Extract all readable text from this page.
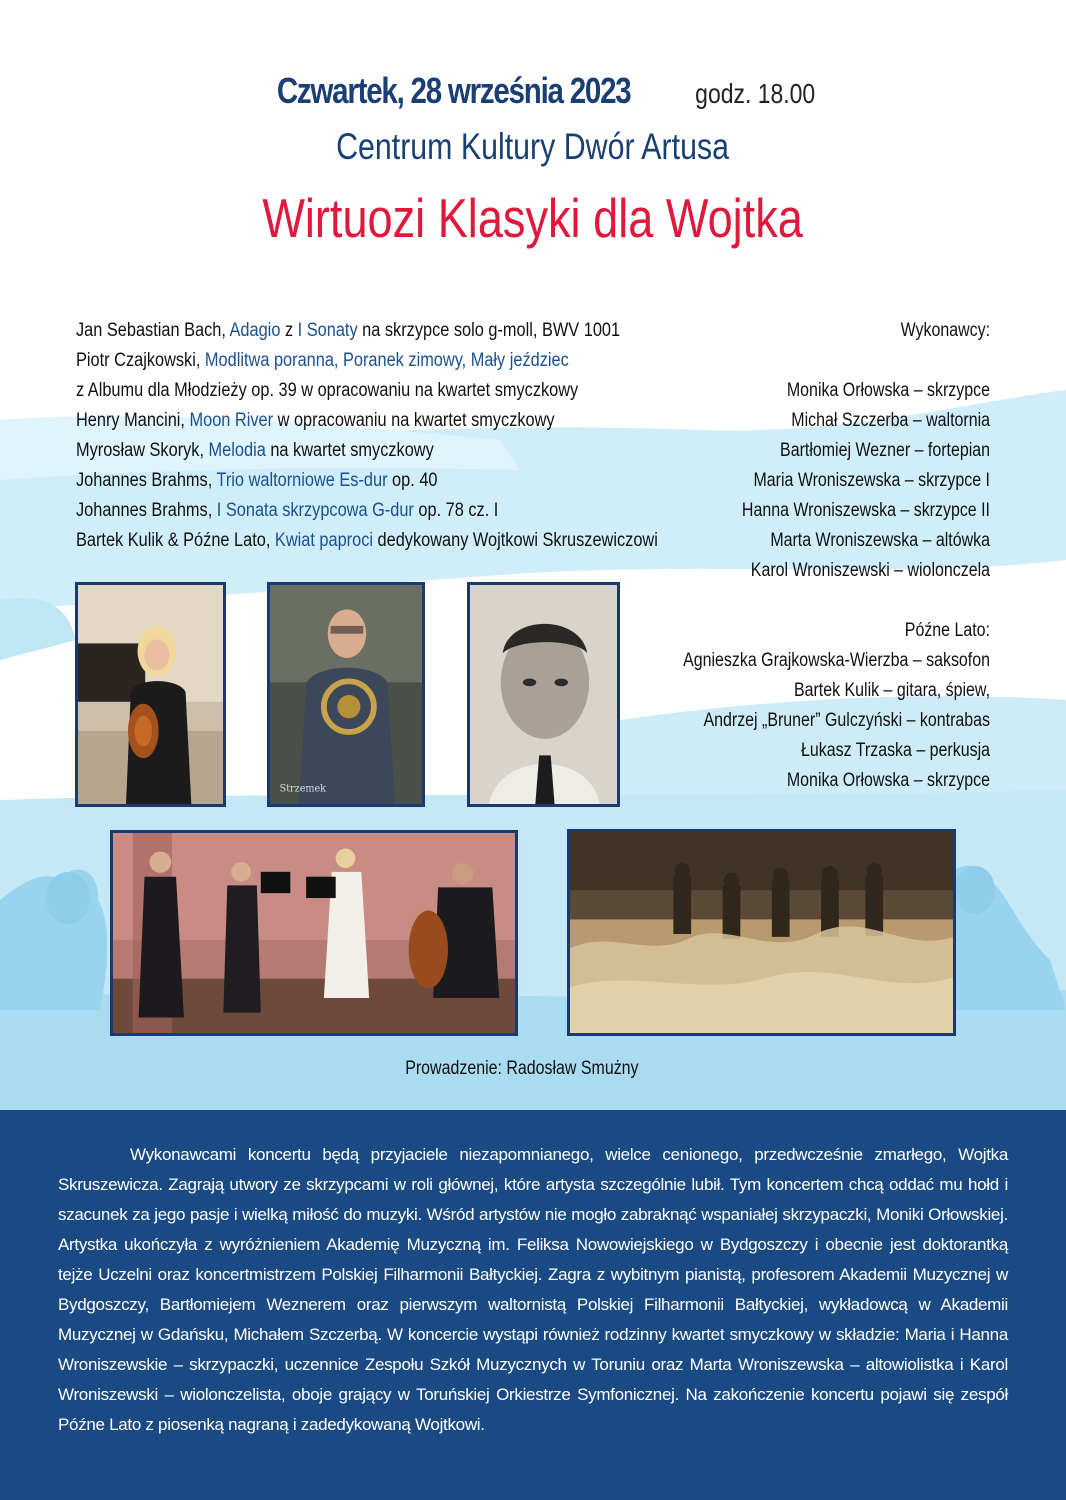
Czwartek, 28 września 2023 godz. 18.00
Centrum Kultury Dwór Artusa
Wirtuozi Klasyki dla Wojtka
Jan Sebastian Bach, Adagio z I Sonaty na skrzypce solo g-moll, BWV 1001
Piotr Czajkowski, Modlitwa poranna, Poranek zimowy, Mały jeździec
z Albumu dla Młodzieży op. 39 w opracowaniu na kwartet smyczkowy
Henry Mancini, Moon River w opracowaniu na kwartet smyczkowy
Myrosław Skoryk, Melodia na kwartet smyczkowy
Johannes Brahms, Trio waltorniowe Es-dur op. 40
Johannes Brahms, I Sonata skrzypcowa G-dur op. 78 cz. I
Bartek Kulik & Późne Lato, Kwiat paproci dedykowany Wojtkowi Skruszewiczowi
Wykonawcy:
Monika Orłowska – skrzypce
Michał Szczerba – waltornia
Bartłomiej Wezner – fortepian
Maria Wroniszewska – skrzypce I
Hanna Wroniszewska – skrzypce II
Marta Wroniszewska – altówka
Karol Wroniszewski – wiolonczela
Późne Lato:
Agnieszka Grajkowska-Wierzba – saksofon
Bartek Kulik – gitara, śpiew,
Andrzej „Bruner” Gulczyński – kontrabas
Łukasz Trzaska – perkusja
Monika Orłowska – skrzypce
Strzemek
Prowadzenie: Radosław Smużny

Wykonawcami koncertu będą przyjaciele niezapomnianego, wielce cenionego, przedwcześnie zmarłego, Wojtka Skruszewicza. Zagrają utwory ze skrzypcami w roli głównej, które artysta szczególnie lubił. Tym koncertem chcą oddać mu hołd i szacunek za jego pasje i wielką miłość do muzyki. Wśród artystów nie mogło zabraknąć wspaniałej skrzypaczki, Moniki Orłowskiej. Artystka ukończyła z wyróżnieniem Akademię Muzyczną im. Feliksa Nowowiejskiego w Bydgoszczy i obecnie jest doktorantką tejże Uczelni oraz koncertmistrzem Polskiej Filharmonii Bałtyckiej. Zagra z wybitnym pianistą, profesorem Akademii Muzycznej w Bydgoszczy, Bartłomiejem Weznerem oraz pierwszym waltornistą Polskiej Filharmonii Bałtyckiej, wykładowcą w Akademii Muzycznej w Gdańsku, Michałem Szczerbą. W koncercie wystąpi również rodzinny kwartet smyczkowy w składzie: Maria i Hanna Wroniszewskie – skrzypaczki, uczennice Zespołu Szkół Muzycznych w Toruniu oraz Marta Wroniszewska – altowiolistka i Karol Wroniszewski – wiolonczelista, oboje grający w Toruńskiej Orkiestrze Symfonicznej. Na zakończenie koncertu pojawi się zespół Późne Lato z piosenką nagraną i zadedykowaną Wojtkowi.
